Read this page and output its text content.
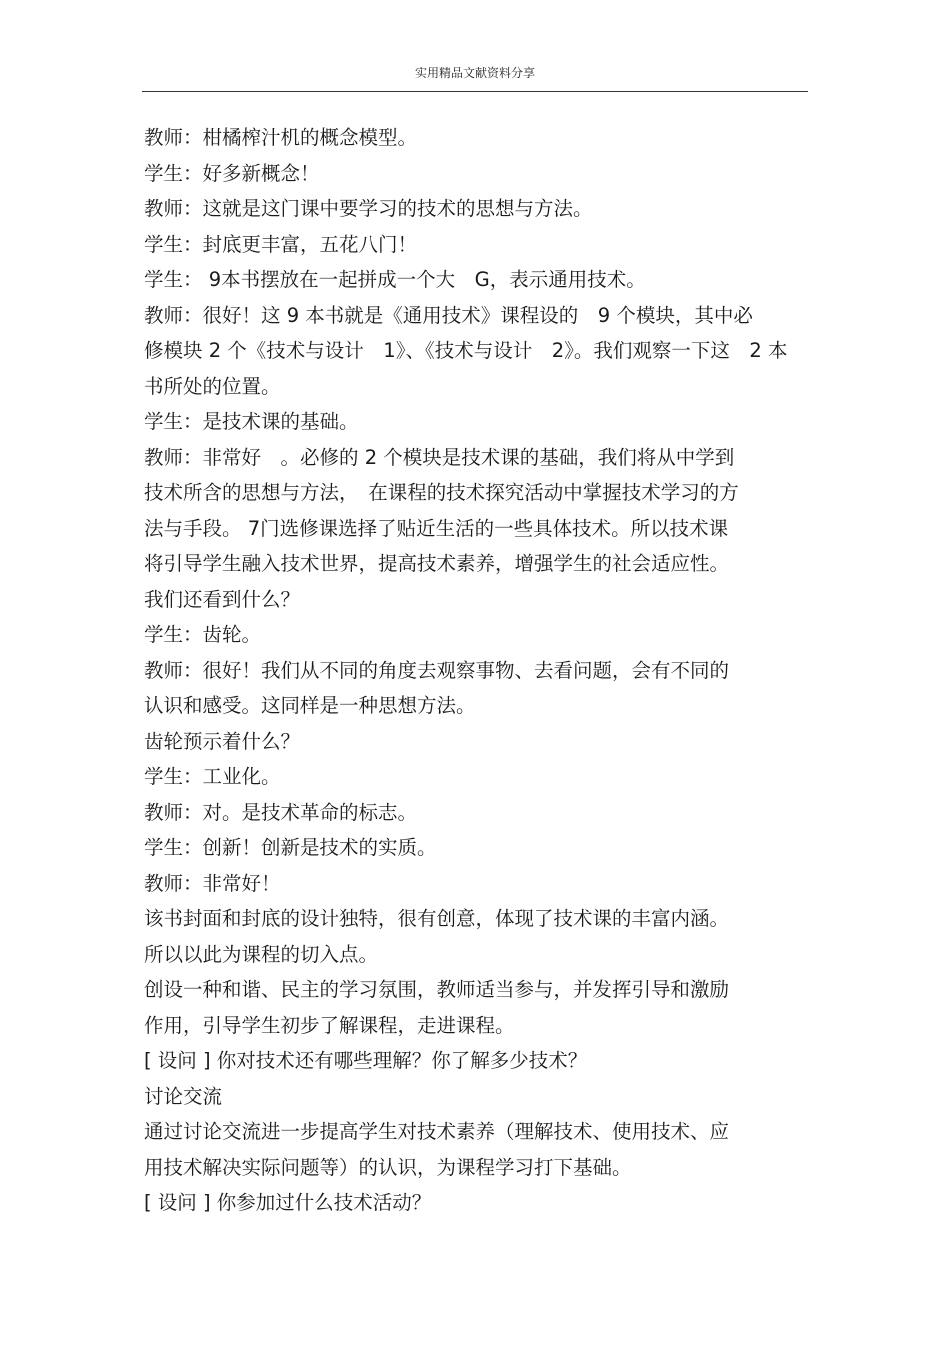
实用精品文献资料分享
教师：柑橘榨汁机的概念模型。
学生：好多新概念！
教师：这就是这门课中要学习的技术的思想与方法。
学生：封底更丰富，五花八门！
学生： 9本书摆放在一起拼成一个大　G，表示通用技术。
教师：很好！这 9 本书就是《通用技术》课程设的　9 个模块，其中必
修模块 2 个《技术与设计　1》、《技术与设计　2》。我们观察一下这　2 本
书所处的位置。
学生：是技术课的基础。
教师：非常好　。必修的 2 个模块是技术课的基础，我们将从中学到
技术所含的思想与方法，　在课程的技术探究活动中掌握技术学习的方
法与手段。 7门选修课选择了贴近生活的一些具体技术。所以技术课
将引导学生融入技术世界，提高技术素养，增强学生的社会适应性。
我们还看到什么？
学生：齿轮。
教师：很好！我们从不同的角度去观察事物、去看问题，会有不同的
认识和感受。这同样是一种思想方法。
齿轮预示着什么？
学生：工业化。
教师：对。是技术革命的标志。
学生：创新！创新是技术的实质。
教师：非常好！
该书封面和封底的设计独特，很有创意，体现了技术课的丰富内涵。
所以以此为课程的切入点。
创设一种和谐、民主的学习氛围，教师适当参与，并发挥引导和激励
作用，引导学生初步了解课程，走进课程。
[ 设问 ] 你对技术还有哪些理解？你了解多少技术？
讨论交流
通过讨论交流进一步提高学生对技术素养（理解技术、使用技术、应
用技术解决实际问题等）的认识，为课程学习打下基础。
[ 设问 ] 你参加过什么技术活动？
